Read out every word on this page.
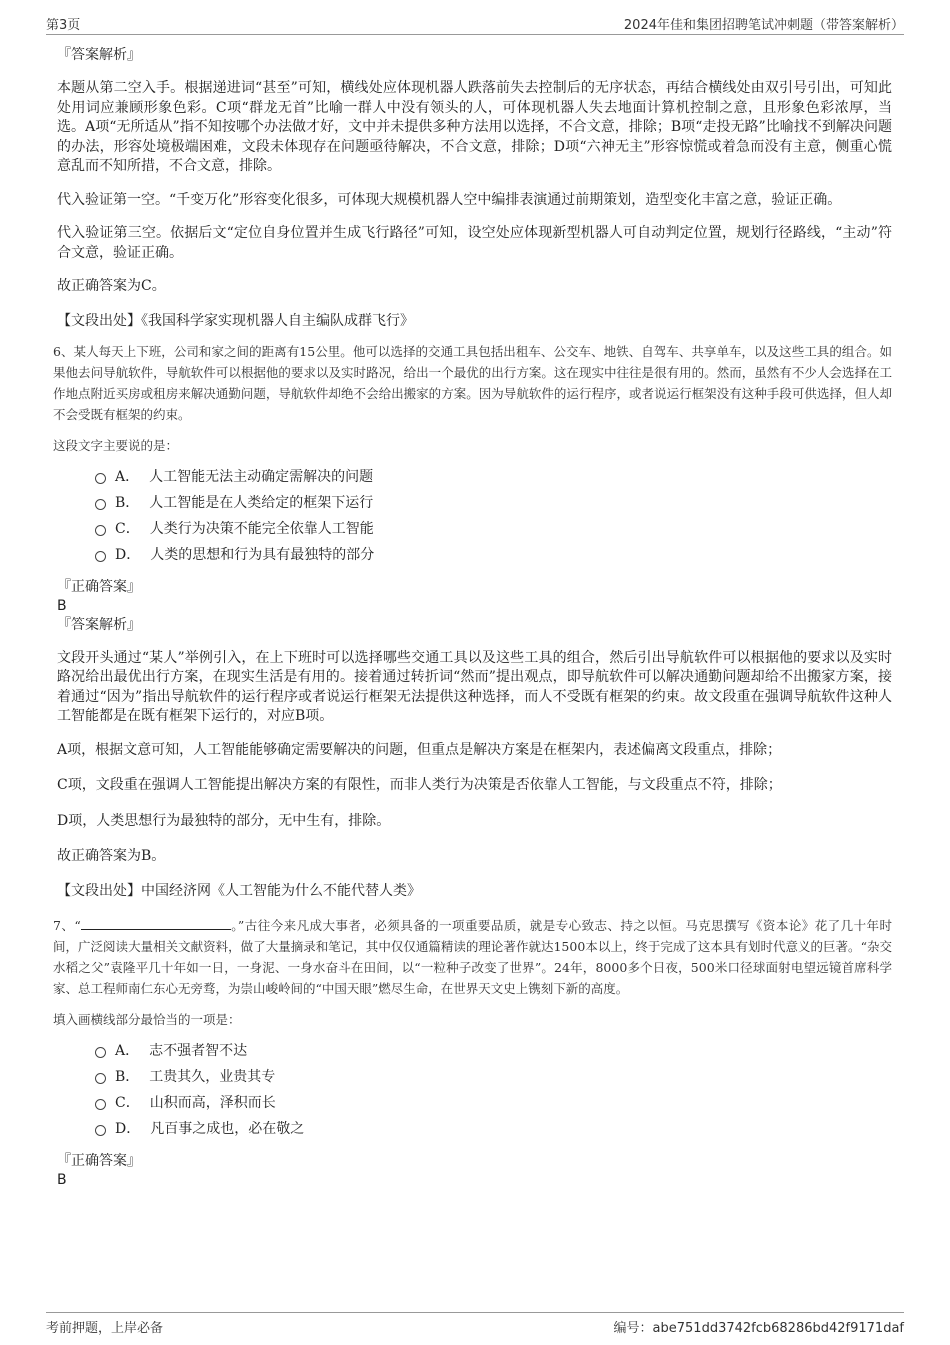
第3页	2024年佳和集团招聘笔试冲刺题（带答案解析）

『答案解析』

本题从第二空入手。根据递进词“甚至”可知，横线处应体现机器人跌落前失去控制后的无序状态，再结合横线处由双引号引出，可知此处用词应兼顾形象色彩。C项“群龙无首”比喻一群人中没有领头的人，可体现机器人失去地面计算机控制之意，且形象色彩浓厚，当选。A项“无所适从”指不知按哪个办法做才好，文中并未提供多种方法用以选择，不合文意，排除；B项“走投无路”比喻找不到解决问题的办法，形容处境极端困难，文段未体现存在问题亟待解决，不合文意，排除；D项“六神无主”形容惊慌或着急而没有主意，侧重心慌意乱而不知所措，不合文意，排除。

代入验证第一空。“千变万化”形容变化很多，可体现大规模机器人空中编排表演通过前期策划，造型变化丰富之意，验证正确。

代入验证第三空。依据后文“定位自身位置并生成飞行路径”可知，设空处应体现新型机器人可自动判定位置，规划行径路线，“主动”符合文意，验证正确。

故正确答案为C。

【文段出处】《我国科学家实现机器人自主编队成群飞行》

6、某人每天上下班，公司和家之间的距离有15公里。他可以选择的交通工具包括出租车、公交车、地铁、自驾车、共享单车，以及这些工具的组合。如果他去问导航软件，导航软件可以根据他的要求以及实时路况，给出一个最优的出行方案。这在现实中往往是很有用的。然而，虽然有不少人会选择在工作地点附近买房或租房来解决通勤问题，导航软件却绝不会给出搬家的方案。因为导航软件的运行程序，或者说运行框架没有这种手段可供选择，但人却不会受既有框架的约束。

这段文字主要说的是：

A． 人工智能无法主动确定需解决的问题
B． 人工智能是在人类给定的框架下运行
C． 人类行为决策不能完全依靠人工智能
D． 人类的思想和行为具有最独特的部分

『正确答案』

B

『答案解析』

文段开头通过“某人”举例引入，在上下班时可以选择哪些交通工具以及这些工具的组合，然后引出导航软件可以根据他的要求以及实时路况给出最优出行方案，在现实生活是有用的。接着通过转折词“然而”提出观点，即导航软件可以解决通勤问题却给不出搬家方案，接着通过“因为”指出导航软件的运行程序或者说运行框架无法提供这种选择，而人不受既有框架的约束。故文段重在强调导航软件这种人工智能都是在既有框架下运行的，对应B项。

A项，根据文意可知，人工智能能够确定需要解决的问题，但重点是解决方案是在框架内，表述偏离文段重点，排除；

C项，文段重在强调人工智能提出解决方案的有限性，而非人类行为决策是否依靠人工智能，与文段重点不符，排除；

D项，人类思想行为最独特的部分，无中生有，排除。

故正确答案为B。

【文段出处】中国经济网《人工智能为什么不能代替人类》

7、“	。”古往今来凡成大事者，必须具备的一项重要品质，就是专心致志、持之以恒。马克思撰写《资本论》花了几十年时间，广泛阅读大量相关文献资料，做了大量摘录和笔记，其中仅仅通篇精读的理论著作就达1500本以上，终于完成了这本具有划时代意义的巨著。“杂交水稻之父”袁隆平几十年如一日，一身泥、一身水奋斗在田间，以“一粒种子改变了世界”。24年，8000多个日夜，500米口径球面射电望远镜首席科学家、总工程师南仁东心无旁骛，为崇山峻岭间的“中国天眼”燃尽生命，在世界天文史上镌刻下新的高度。

填入画横线部分最恰当的一项是：

A． 志不强者智不达
B． 工贵其久，业贵其专
C． 山积而高，泽积而长
D． 凡百事之成也，必在敬之

『正确答案』

B

考前押题，上岸必备	编号：abe751dd3742fcb68286bd42f9171daf
